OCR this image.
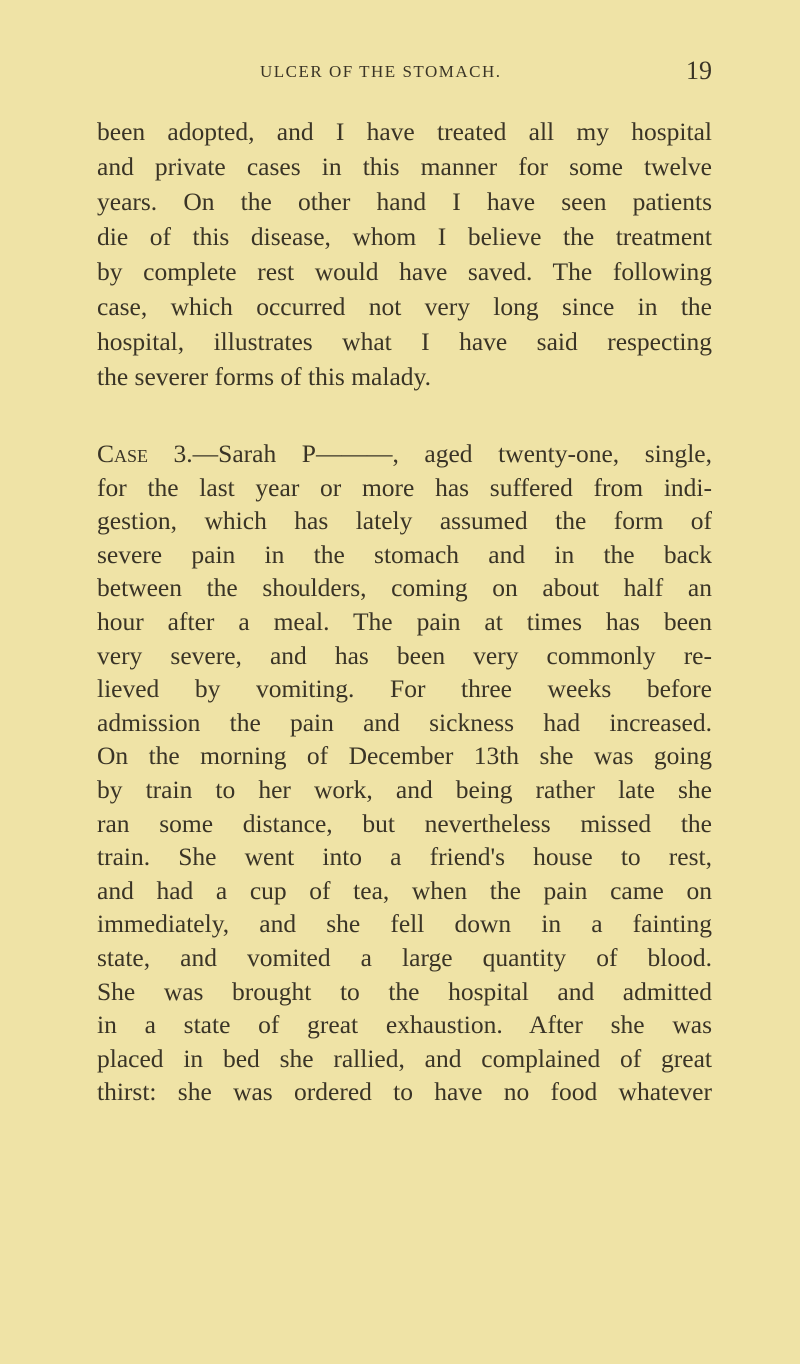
ULCER OF THE STOMACH.	19
been adopted, and I have treated all my hospital
and private cases in this manner for some twelve
years. On the other hand I have seen patients
die of this disease, whom I believe the treatment
by complete rest would have saved. The following
case, which occurred not very long since in the
hospital, illustrates what I have said respecting
the severer forms of this malady.
Case 3.—Sarah P———, aged twenty-one, single,
for the last year or more has suffered from indi-
gestion, which has lately assumed the form of
severe pain in the stomach and in the back
between the shoulders, coming on about half an
hour after a meal. The pain at times has been
very severe, and has been very commonly re-
lieved by vomiting. For three weeks before
admission the pain and sickness had increased.
On the morning of December 13th she was going
by train to her work, and being rather late she
ran some distance, but nevertheless missed the
train. She went into a friend's house to rest,
and had a cup of tea, when the pain came on
immediately, and she fell down in a fainting
state, and vomited a large quantity of blood.
She was brought to the hospital and admitted
in a state of great exhaustion. After she was
placed in bed she rallied, and complained of great
thirst: she was ordered to have no food whatever
